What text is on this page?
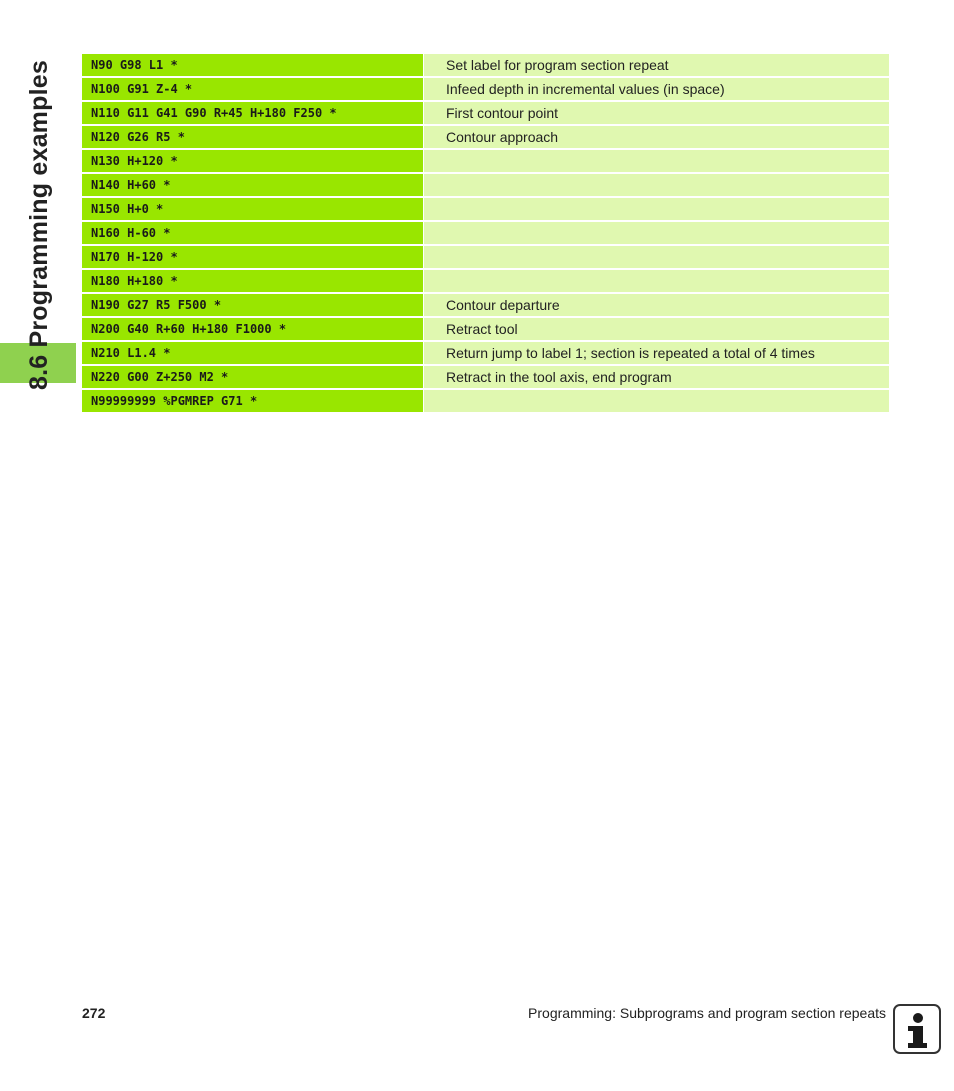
8.6 Programming examples	N90 G98 L1 *	Set label for program section repeat
N100 G91 Z-4 *	Infeed depth in incremental values (in space)
N110 G11 G41 G90 R+45 H+180 F250 *	First contour point
N120 G26 R5 *	Contour approach
N130 H+120 *
N140 H+60 *
N150 H+0 *
N160 H-60 *
N170 H-120 *
N180 H+180 *
N190 G27 R5 F500 *	Contour departure
N200 G40 R+60 H+180 F1000 *	Retract tool
N210 L1.4 *	Return jump to label 1; section is repeated a total of 4 times
N220 G00 Z+250 M2 *	Retract in the tool axis, end program
N99999999 %PGMREP G71 *
272	Programming: Subprograms and program section repeats
